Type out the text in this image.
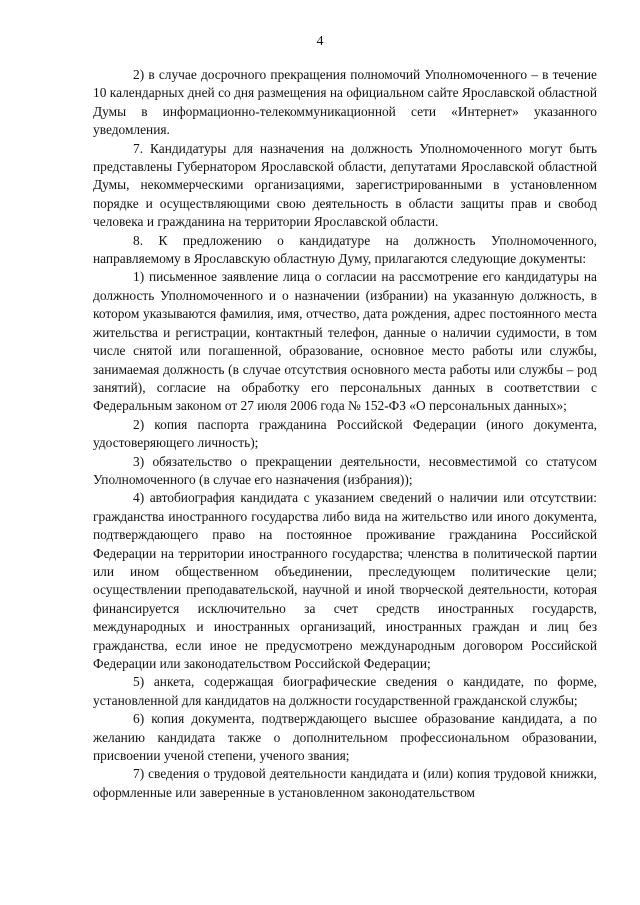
4

2) в случае досрочного прекращения полномочий Уполномоченного – в течение 10 календарных дней со дня размещения на официальном сайте Ярославской областной Думы в информационно-телекоммуникационной сети «Интернет» указанного уведомления.

7. Кандидатуры для назначения на должность Уполномоченного могут быть представлены Губернатором Ярославской области, депутатами Ярославской областной Думы, некоммерческими организациями, зарегистрированными в установленном порядке и осуществляющими свою деятельность в области защиты прав и свобод человека и гражданина на территории Ярославской области.

8. К предложению о кандидатуре на должность Уполномоченного, направляемому в Ярославскую областную Думу, прилагаются следующие документы:

1) письменное заявление лица о согласии на рассмотрение его кандидатуры на должность Уполномоченного и о назначении (избрании) на указанную должность, в котором указываются фамилия, имя, отчество, дата рождения, адрес постоянного места жительства и регистрации, контактный телефон, данные о наличии судимости, в том числе снятой или погашенной, образование, основное место работы или службы, занимаемая должность (в случае отсутствия основного места работы или службы – род занятий), согласие на обработку его персональных данных в соответствии с Федеральным законом от 27 июля 2006 года № 152-ФЗ «О персональных данных»;

2) копия паспорта гражданина Российской Федерации (иного документа, удостоверяющего личность);

3) обязательство о прекращении деятельности, несовместимой со статусом Уполномоченного (в случае его назначения (избрания));

4) автобиография кандидата с указанием сведений о наличии или отсутствии: гражданства иностранного государства либо вида на жительство или иного документа, подтверждающего право на постоянное проживание гражданина Российской Федерации на территории иностранного государства; членства в политической партии или ином общественном объединении, преследующем политические цели; осуществлении преподавательской, научной и иной творческой деятельности, которая финансируется исключительно за счет средств иностранных государств, международных и иностранных организаций, иностранных граждан и лиц без гражданства, если иное не предусмотрено международным договором Российской Федерации или законодательством Российской Федерации;

5) анкета, содержащая биографические сведения о кандидате, по форме, установленной для кандидатов на должности государственной гражданской службы;

6) копия документа, подтверждающего высшее образование кандидата, а по желанию кандидата также о дополнительном профессиональном образовании, присвоении ученой степени, ученого звания;

7) сведения о трудовой деятельности кандидата и (или) копия трудовой книжки, оформленные или заверенные в установленном законодательством
